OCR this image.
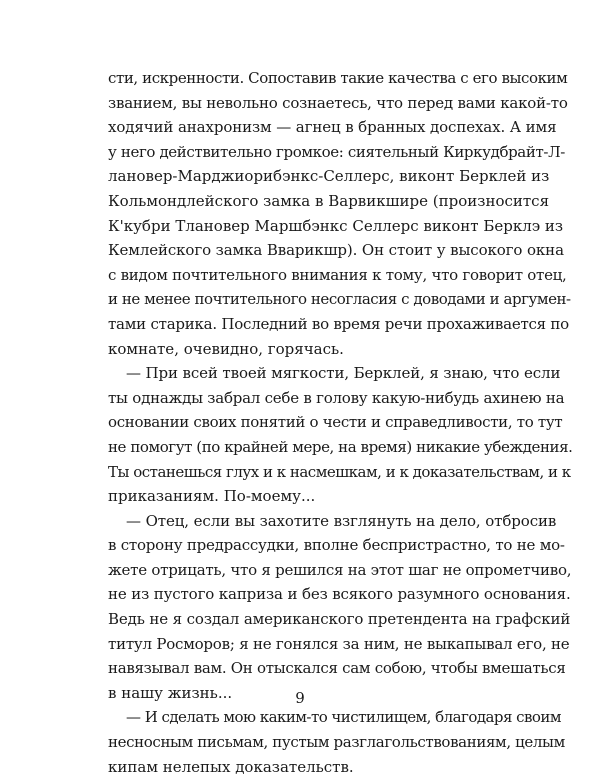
сти, искренности. Сопоставив такие качества с его высоким
званием, вы невольно сознаетесь, что перед вами какой-то
ходячий анахронизм — агнец в бранных доспехах. А имя
у него действительно громкое: сиятельный Киркудбрайт-Л-
лановер-Марджиорибэнкс-Селлерс, виконт Берклей из
Кольмондлейского замка в Варвикшире (произносится
К'кубри Тлановер Маршбэнкс Селлерс виконт Берклэ из
Кемлейского замка Вварикшр). Он стоит у высокого окна
с видом почтительного внимания к тому, что говорит отец,
и не менее почтительного несогласия с доводами и аргумен-
тами старика. Последний во время речи прохаживается по
комнате, очевидно, горячась.
— При всей твоей мягкости, Берклей, я знаю, что если
ты однажды забрал себе в голову какую-нибудь ахинею на
основании своих понятий о чести и справедливости, то тут
не помогут (по крайней мере, на время) никакие убеждения.
Ты останешься глух и к насмешкам, и к доказательствам, и к
приказаниям. По-моему...
— Отец, если вы захотите взглянуть на дело, отбросив
в сторону предрассудки, вполне беспристрастно, то не мо-
жете отрицать, что я решился на этот шаг не опрометчиво,
не из пустого каприза и без всякого разумного основания.
Ведь не я создал американского претендента на графский
титул Росморов; я не гонялся за ним, не выкапывал его, не
навязывал вам. Он отыскался сам собою, чтобы вмешаться
в нашу жизнь...
— И сделать мою каким-то чистилищем, благодаря своим
несносным письмам, пустым разглагольствованиям, целым
кипам нелепых доказательств.
9
